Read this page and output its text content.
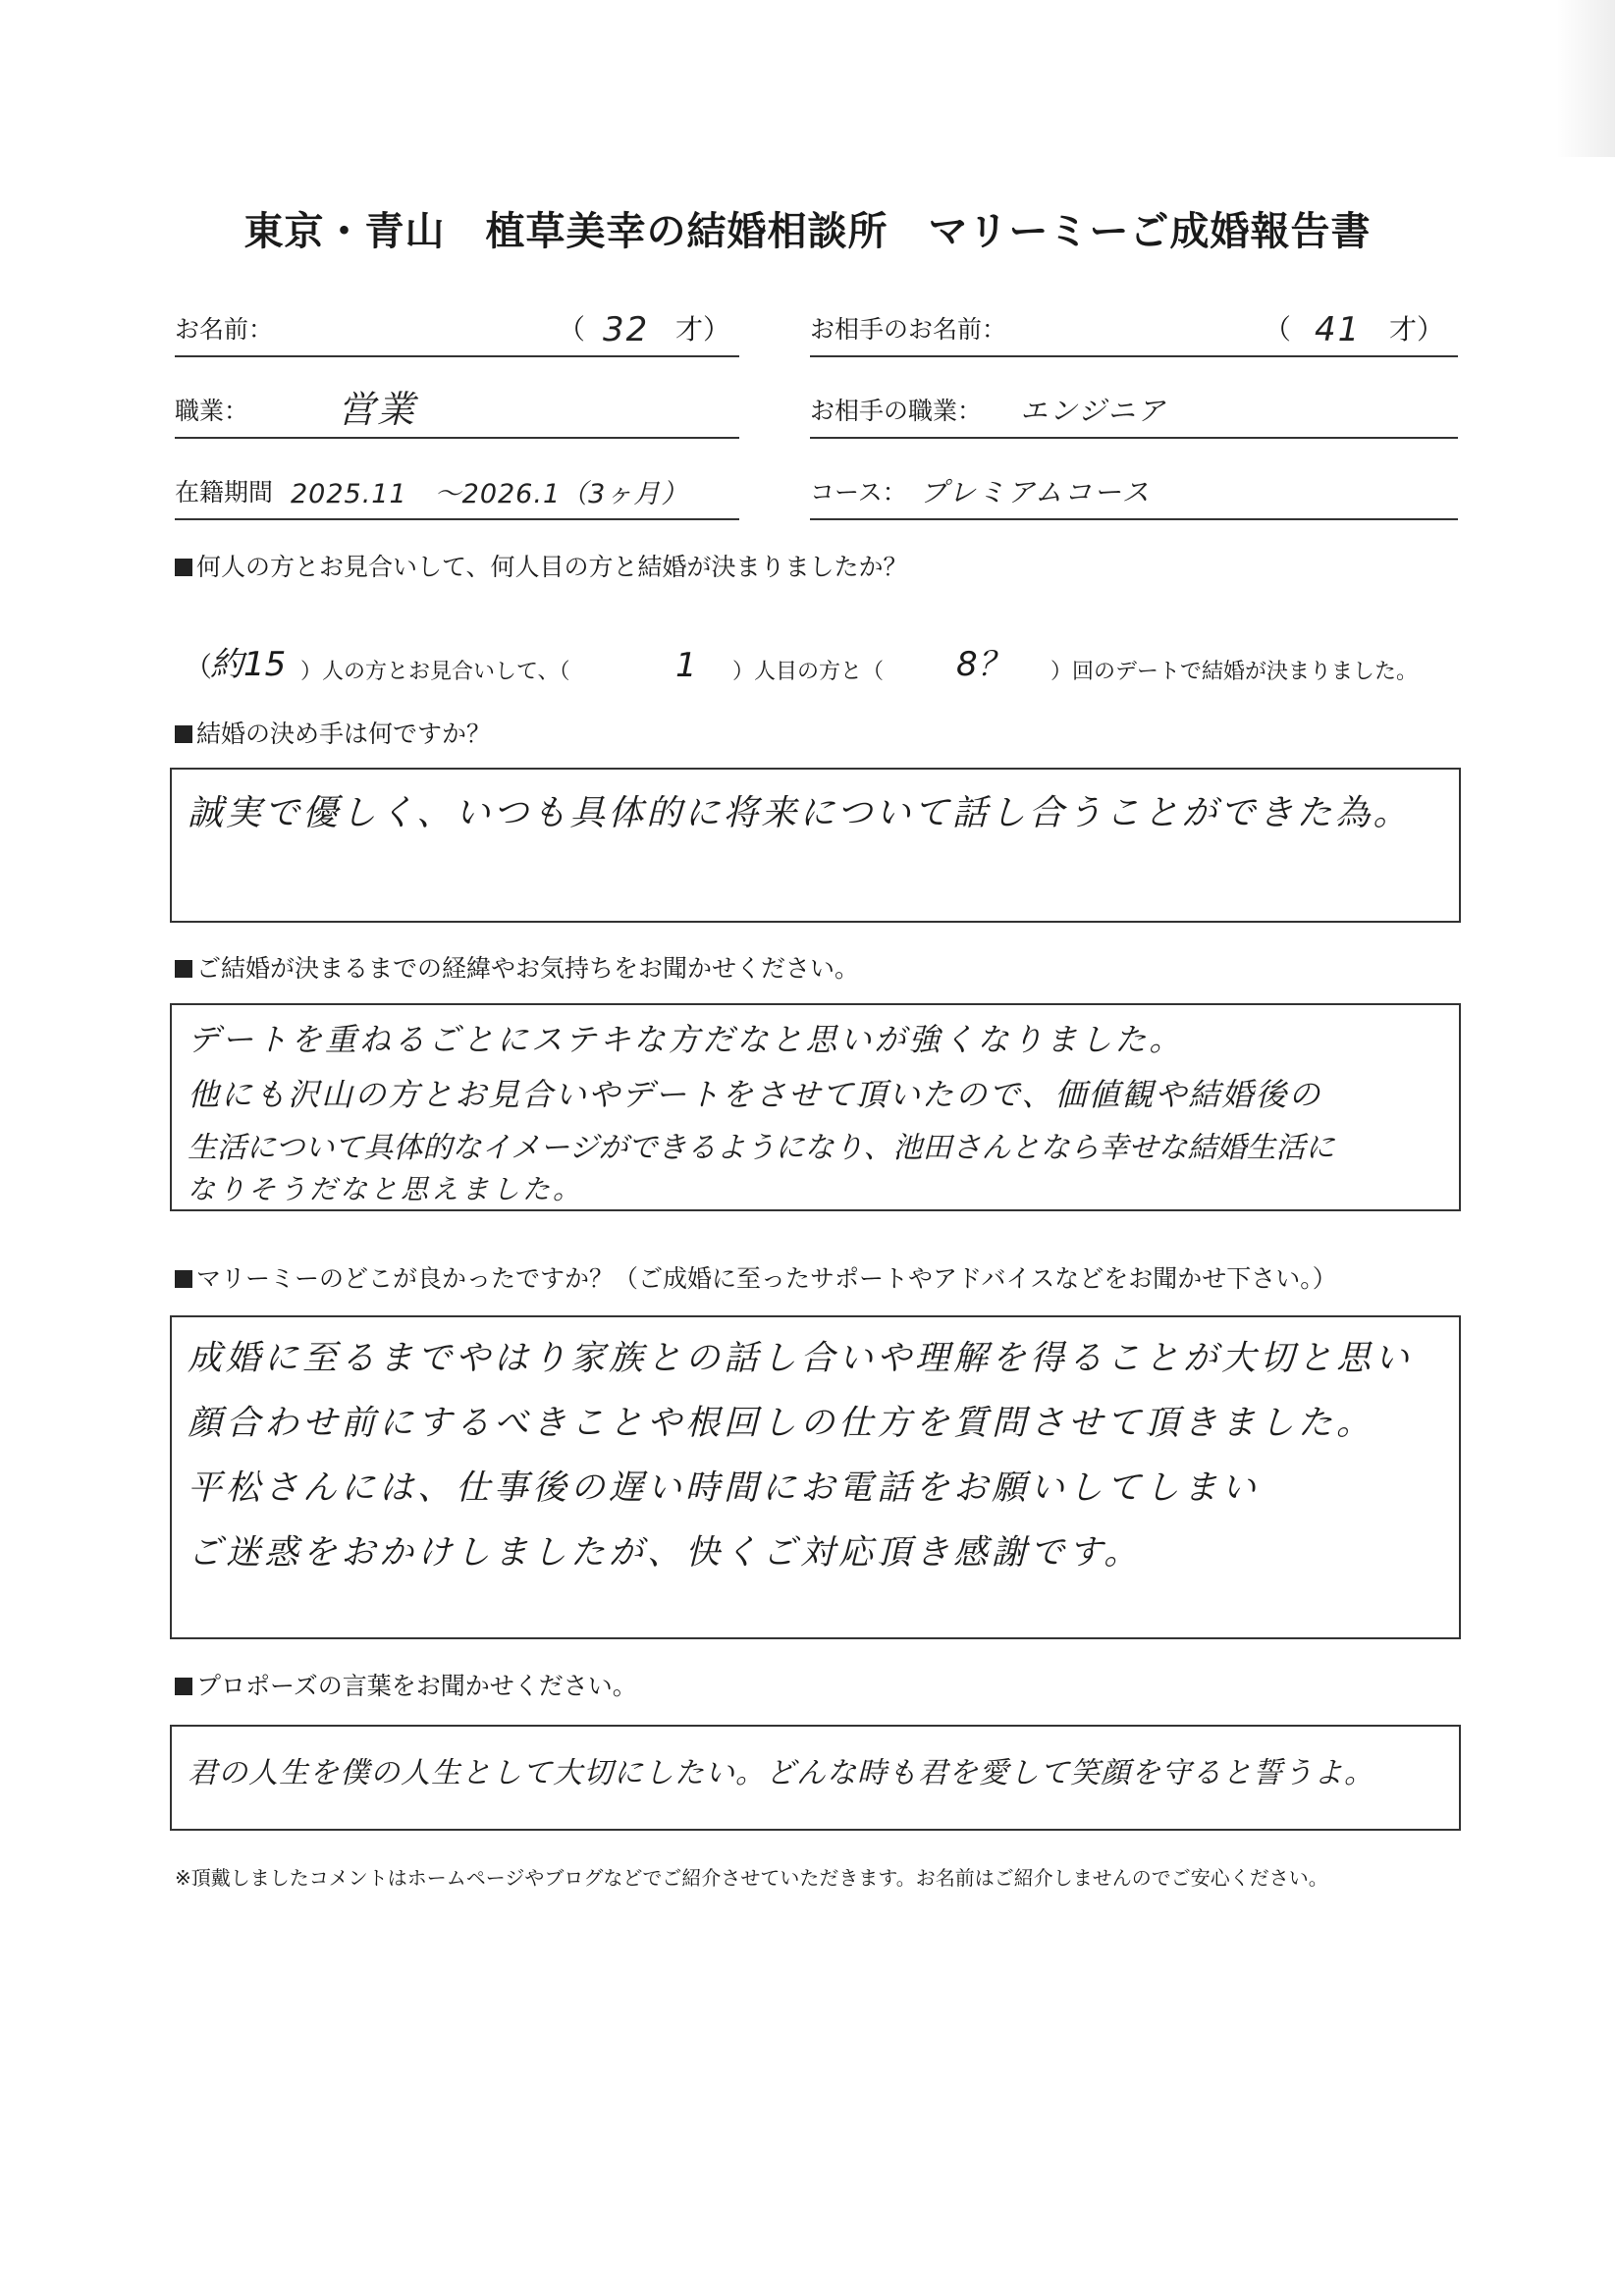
東京・青山　植草美幸の結婚相談所　マリーミーご成婚報告書
お名前：	（ 32 才）	お相手のお名前：	（ 41 才）
職業： 営業	お相手の職業： エンジニア
在籍期間 2025.11　～2026.1（3ヶ月）	コース： プレミアムコース
何人の方とお見合いして、何人目の方と結婚が決まりましたか？
（
約15 ）人の方とお見合いして、（	1 ）人目の方と（ 8？ ）回のデートで結婚が決まりました。
結婚の決め手は何ですか？
誠実で優しく、いつも具体的に将来について話し合うことができた為。
ご結婚が決まるまでの経緯やお気持ちをお聞かせください。
デートを重ねるごとにステキな方だなと思いが強くなりました。
他にも沢山の方とお見合いやデートをさせて頂いたので、価値観や結婚後の
生活について具体的なイメージができるようになり、池田さんとなら幸せな結婚生活に
なりそうだなと思えました。
マリーミーのどこが良かったですか？（ご成婚に至ったサポートやアドバイスなどをお聞かせ下さい。）
成婚に至るまでやはり家族との話し合いや理解を得ることが大切と思い
顔合わせ前にするべきことや根回しの仕方を質問させて頂きました。
平松さんには、仕事後の遅い時間にお電話をお願いしてしまい
ご迷惑をおかけしましたが、快くご対応頂き感謝です。
プロポーズの言葉をお聞かせください。
君の人生を僕の人生として大切にしたい。どんな時も君を愛して笑顔を守ると誓うよ。
※頂戴しましたコメントはホームページやブログなどでご紹介させていただきます。お名前はご紹介しませんのでご安心ください。
